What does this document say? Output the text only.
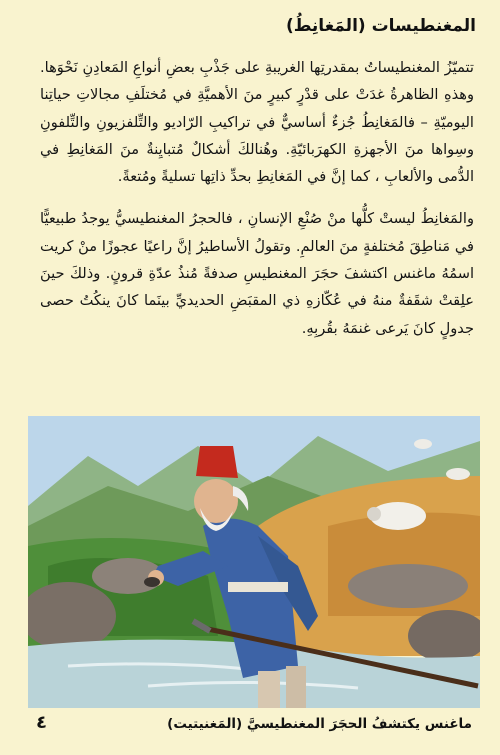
المغنطيسات (المَغانِطُ)

تتميّزُ المغنطيساتُ بمقدرتِها الغريبةِ على جَذْبِ بعضِ أنواعِ المَعادِنِ نَحْوَها. وهذهِ الظاهرةُ غدَتْ على قدْرٍ كبيرٍ منَ الأهميَّةِ في مُختلَفِ مجالاتِ حياتِنا اليوميّةِ – فالمَغانِطُ جُزءٌ أساسيٌّ في تراكيبِ الرّاديو والتِّلفزيونِ والتِّلفونِ وسِواها منَ الأجهزةِ الكهرَبائيّةِ. وهُنالكَ أشكالٌ مُتبايِنةٌ منَ المَغانِطِ في الدُّمى والألعابِ ، كما إنَّ في المَغانِطِ بحدِّ ذاتِها تسليةً ومُتعةً.

والمَغانِطُ ليستْ كلُّها منْ صُنْعِ الإنسانِ ، فالحجرُ المغنطيسيُّ يوجدُ طبيعيًّا في مَناطِقَ مُختلفةٍ منَ العالمِ. وتقولُ الأساطيرُ إنَّ راعيًا عجوزًا منْ كريت اسمُهُ ماغنس اكتشفَ حجَرَ المغنطيسِ صدفةً مُنذُ عدّةِ قرونٍ. وذلكَ حينَ علِقتْ شقَفةٌ منهُ في عُكّازهِ ذي المقبَضِ الحديديِّ بينَما كانَ ينكُتُ حصى جدولٍ كانَ يَرعى غنمَهُ بقُربِهِ.

ماغنس يكتشفُ الحجَرَ المغنطيسيَّ (المَغنيتيت)
٤
